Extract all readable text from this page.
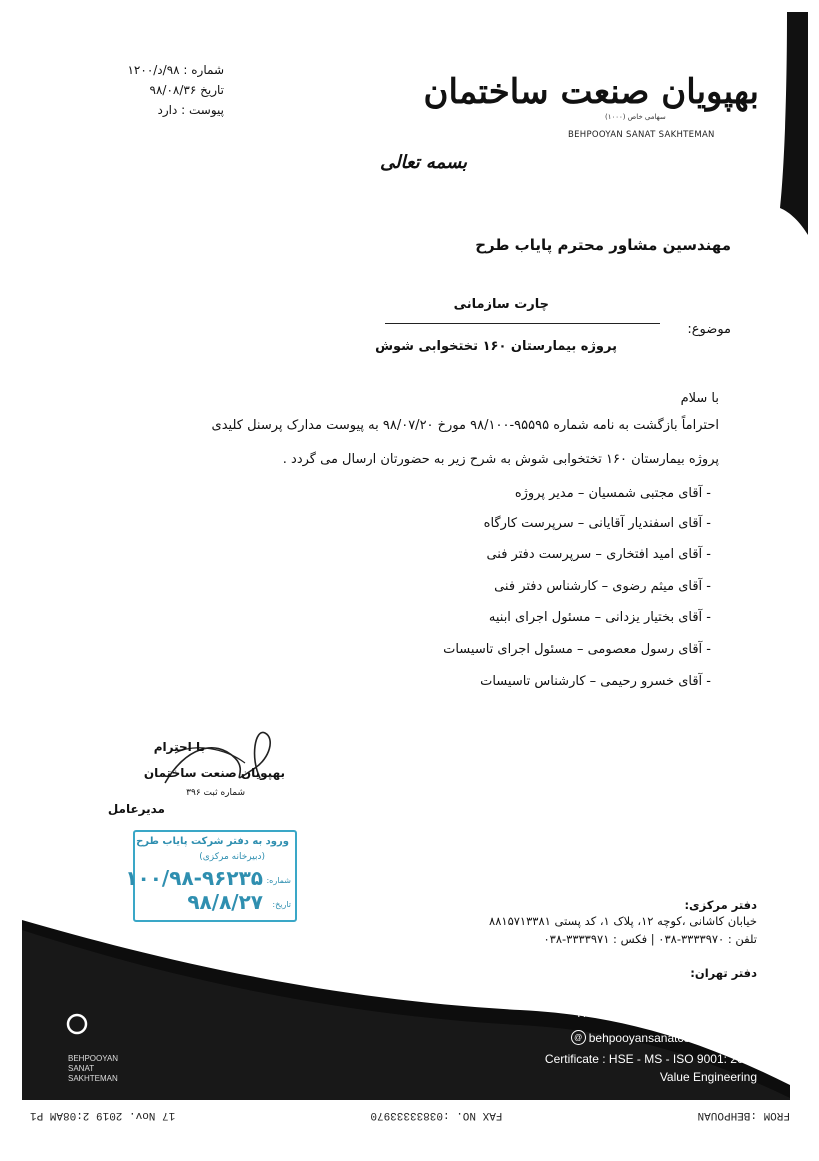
شماره : ۹۸/د/۱۲۰۰
تاریخ ۹۸/۰۸/۳۶
پیوست : دارد	بهپویان صنعت ساختمان
سهامی خاص (۱۰۰۰)
BEHPOOYAN SANAT SAKHTEMAN
بسمه تعالی
مهندسین مشاور محترم پایاب طرح
چارت سازمانی
موضوع:
پروژه بیمارستان ۱۶۰ تختخوابی شوش
با سلام
احتراماً بازگشت به نامه شماره ۹۵۵۹۵-۹۸/۱۰۰ مورخ ۹۸/۰۷/۲۰ به پیوست مدارک پرسنل کلیدی
پروژه بیمارستان ۱۶۰ تختخوابی شوش به شرح زیر به حضورتان ارسال می گردد .
- آقای مجتبی شمسیان – مدیر پروژه
- آقای اسفندیار آقایانی – سرپرست کارگاه
- آقای امید افتخاری – سرپرست دفتر فنی
- آقای میثم رضوی – کارشناس دفتر فنی
- آقای بختیار یزدانی – مسئول اجرای ابنیه
- آقای رسول معصومی – مسئول اجرای تاسیسات
- آقای خسرو رحیمی – کارشناس تاسیسات
با احترام
بهپویان صنعت ساختمان
شماره ثبت ۳۹۶
مدیرعامل
ورود به دفتر شرکت پایاب طرح
(دبیرخانه مرکزی)
شماره:
۱۰۰/۹۸-۹۶۲۳۵
تاریخ:
۹۸/۸/۲۷	دفتر مرکزی:
خیابان کاشانی ،کوچه ۱۲، پلاک ۱، کد پستی ۸۸۱۵۷۱۳۳۸۱
تلفن : ۳۳۳۳۹۷۰-۰۳۸ | فکس : ۳۳۳۳۹۷۱-۰۳۸
دفتر تهران:
ونک، خیابان ساسان، نبش کوچه پانزدهم شرقی، پلاک ۴۶ ، کد پستی ۱۹۸۵۸۵۶۳۴۵
تلفن : ۲۶۸۰۵۸۴۲ | فکس : ۲۶۸۰۵۸۳۹
@ behpooyansanatco@gmail.com
Certificate : HSE - MS - ISO 9001: 2015
Value Engineering
BEHPOOYAN SANAT SAKHTEMAN
FROM :BEHPOUAN
FAX NO. :03833333970
17 Nov. 2019 2:08AM P1
